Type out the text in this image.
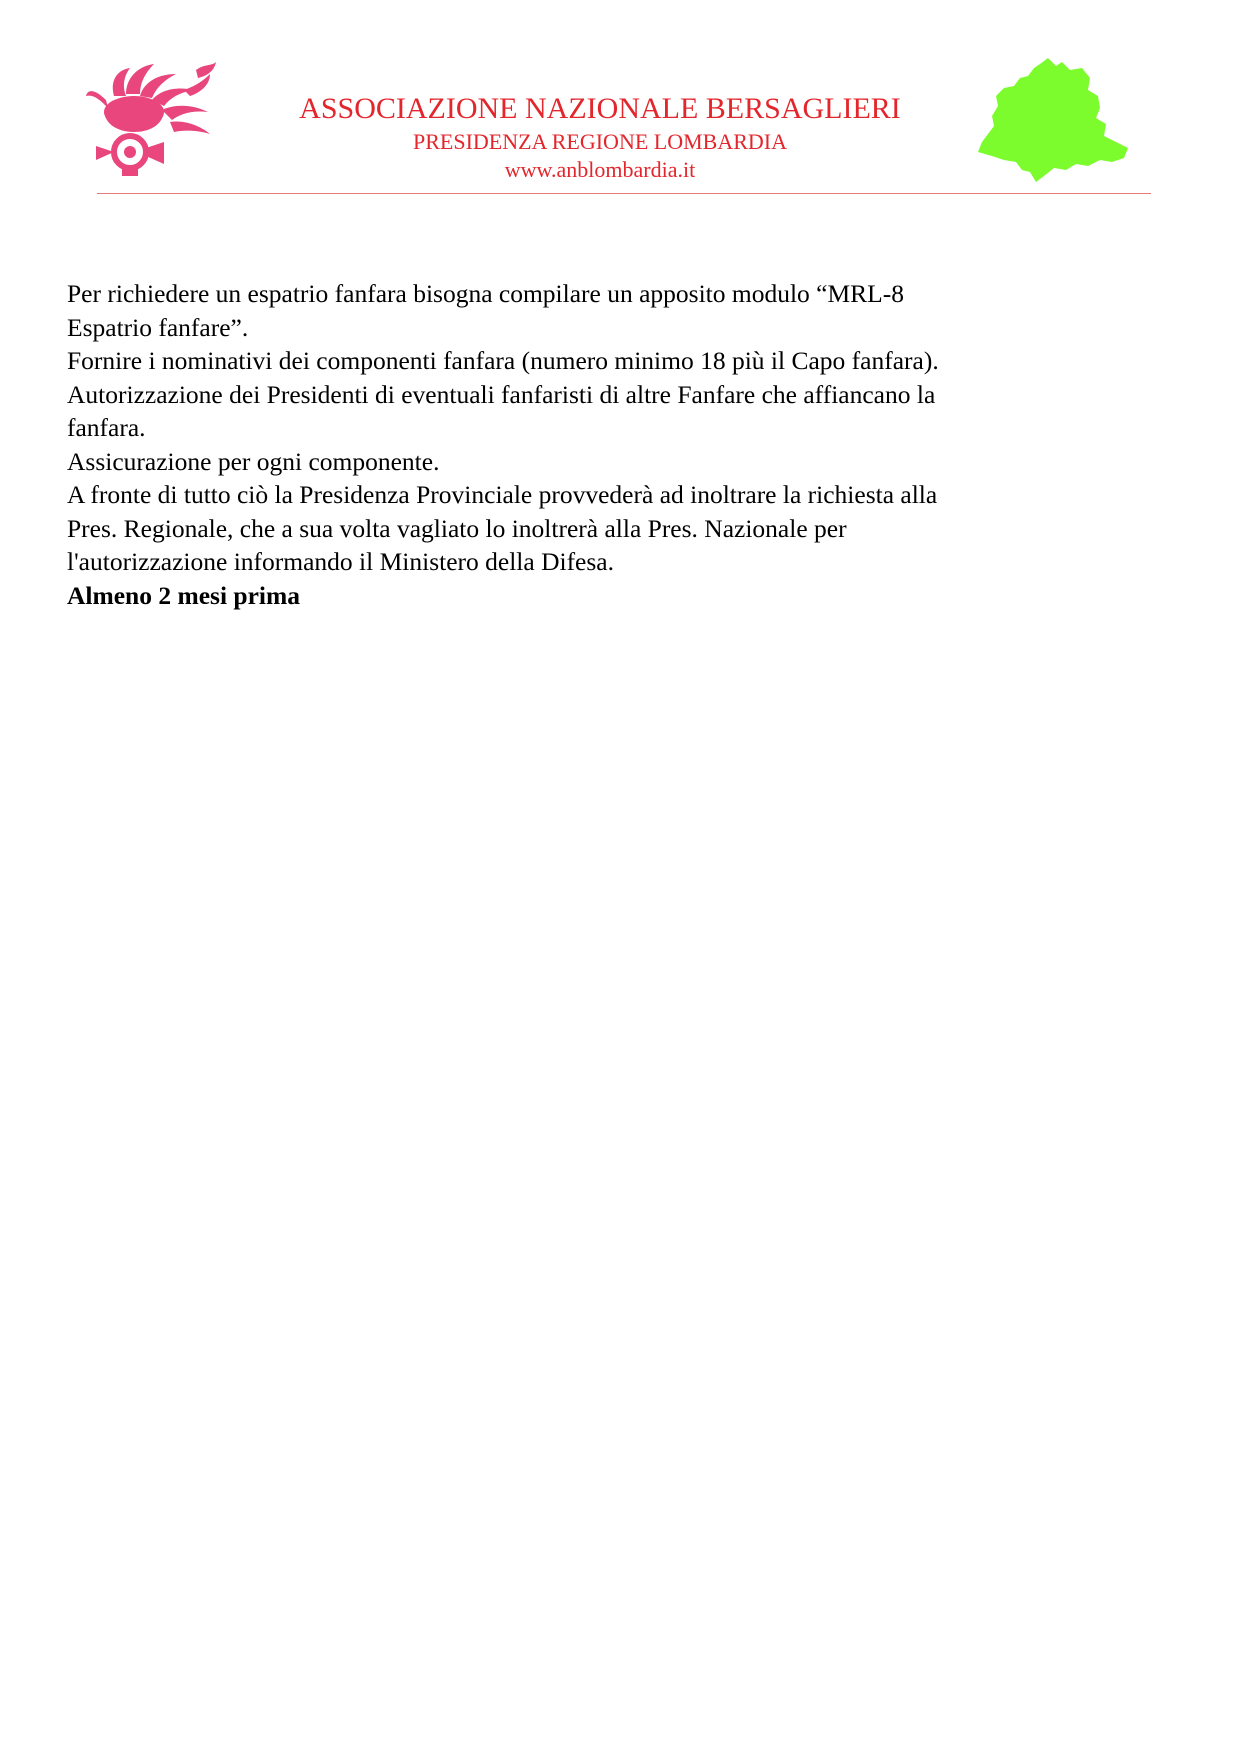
ASSOCIAZIONE NAZIONALE BERSAGLIERI
PRESIDENZA REGIONE LOMBARDIA
www.anblombardia.it

Per richiedere un espatrio fanfara bisogna compilare un apposito modulo “MRL-8

Espatrio fanfare”.

Fornire i nominativi dei componenti fanfara (numero minimo 18 più il Capo fanfara).

Autorizzazione dei Presidenti di eventuali fanfaristi di altre Fanfare che affiancano la

fanfara.

Assicurazione per ogni componente.

A fronte di tutto ciò la Presidenza Provinciale provvederà ad inoltrare la richiesta alla

Pres. Regionale, che a sua volta vagliato lo inoltrerà alla Pres. Nazionale per

l'autorizzazione informando il Ministero della Difesa.

Almeno 2 mesi prima
